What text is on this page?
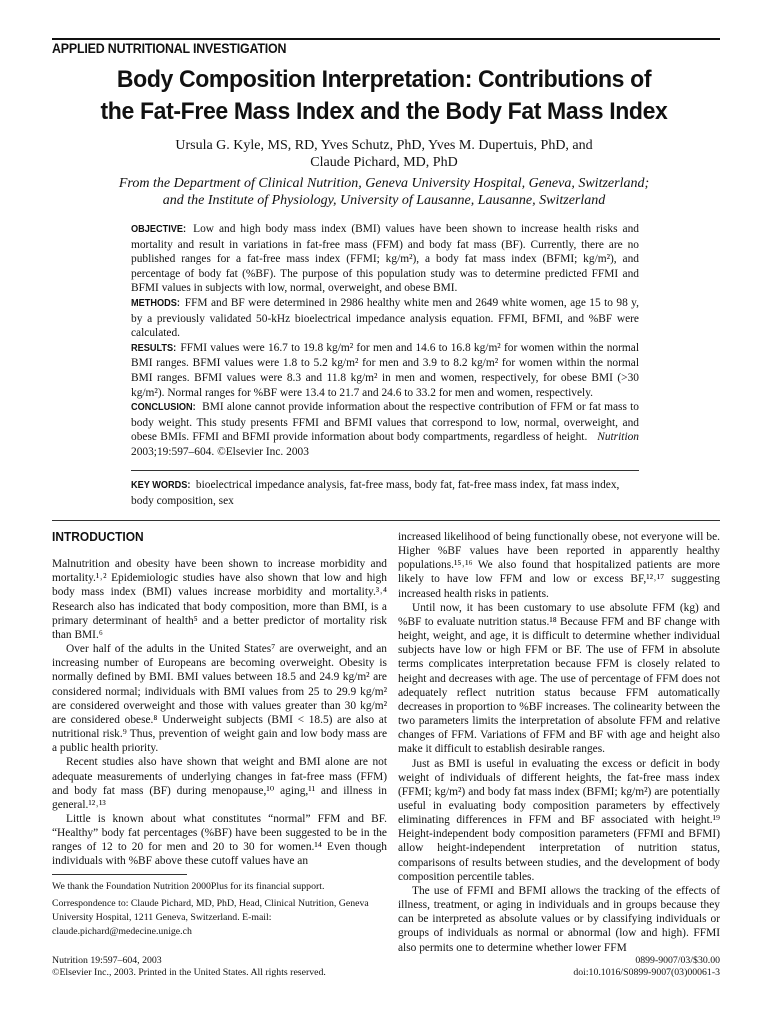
APPLIED NUTRITIONAL INVESTIGATION
Body Composition Interpretation: Contributions of
the Fat-Free Mass Index and the Body Fat Mass Index
Ursula G. Kyle, MS, RD, Yves Schutz, PhD, Yves M. Dupertuis, PhD, and
Claude Pichard, MD, PhD
From the Department of Clinical Nutrition, Geneva University Hospital, Geneva, Switzerland;
and the Institute of Physiology, University of Lausanne, Lausanne, Switzerland

OBJECTIVE: Low and high body mass index (BMI) values have been shown to increase health risks and mortality and result in variations in fat-free mass (FFM) and body fat mass (BF). Currently, there are no published ranges for a fat-free mass index (FFMI; kg/m²), a body fat mass index (BFMI; kg/m²), and percentage of body fat (%BF). The purpose of this population study was to determine predicted FFMI and BFMI values in subjects with low, normal, overweight, and obese BMI.

METHODS: FFM and BF were determined in 2986 healthy white men and 2649 white women, age 15 to 98 y, by a previously validated 50-kHz bioelectrical impedance analysis equation. FFMI, BFMI, and %BF were calculated.

RESULTS: FFMI values were 16.7 to 19.8 kg/m² for men and 14.6 to 16.8 kg/m² for women within the normal BMI ranges. BFMI values were 1.8 to 5.2 kg/m² for men and 3.9 to 8.2 kg/m² for women within the normal BMI ranges. BFMI values were 8.3 and 11.8 kg/m² in men and women, respectively, for obese BMI (>30 kg/m²). Normal ranges for %BF were 13.4 to 21.7 and 24.6 to 33.2 for men and women, respectively.

CONCLUSION: BMI alone cannot provide information about the respective contribution of FFM or fat mass to body weight. This study presents FFMI and BFMI values that correspond to low, normal, overweight, and obese BMIs. FFMI and BFMI provide information about body compartments, regardless of height. Nutrition 2003;19:597–604. ©Elsevier Inc. 2003

KEY WORDS: bioelectrical impedance analysis, fat-free mass, body fat, fat-free mass index, fat mass index, body composition, sex
INTRODUCTION

Malnutrition and obesity have been shown to increase morbidity and mortality.¹˒² Epidemiologic studies have also shown that low and high body mass index (BMI) values increase morbidity and mortality.³˒⁴ Research also has indicated that body composition, more than BMI, is a primary determinant of health⁵ and a better predictor of mortality risk than BMI.⁶

Over half of the adults in the United States⁷ are overweight, and an increasing number of Europeans are becoming overweight. Obesity is normally defined by BMI. BMI values between 18.5 and 24.9 kg/m² are considered normal; individuals with BMI values from 25 to 29.9 kg/m² are considered overweight and those with values greater than 30 kg/m² are considered obese.⁸ Underweight subjects (BMI < 18.5) are also at nutritional risk.⁹ Thus, prevention of weight gain and low body mass are a public health priority.

Recent studies also have shown that weight and BMI alone are not adequate measurements of underlying changes in fat-free mass (FFM) and body fat mass (BF) during menopause,¹⁰ aging,¹¹ and illness in general.¹²˒¹³

Little is known about what constitutes “normal” FFM and BF. “Healthy” body fat percentages (%BF) have been suggested to be in the ranges of 12 to 20 for men and 20 to 30 for women.¹⁴ Even though individuals with %BF above these cutoff values have an

increased likelihood of being functionally obese, not everyone will be. Higher %BF values have been reported in apparently healthy populations.¹⁵˒¹⁶ We also found that hospitalized patients are more likely to have low FFM and low or excess BF,¹²˒¹⁷ suggesting increased health risks in patients.

Until now, it has been customary to use absolute FFM (kg) and %BF to evaluate nutrition status.¹⁸ Because FFM and BF change with height, weight, and age, it is difficult to determine whether individual subjects have low or high FFM or BF. The use of FFM in absolute terms complicates interpretation because FFM is closely related to height and decreases with age. The use of percentage of FFM does not adequately reflect nutrition status because FFM automatically decreases in proportion to %BF increases. The colinearity between the two parameters limits the interpretation of absolute FFM and relative changes of FFM. Variations of FFM and BF with age and height also make it difficult to establish desirable ranges.

Just as BMI is useful in evaluating the excess or deficit in body weight of individuals of different heights, the fat-free mass index (FFMI; kg/m²) and body fat mass index (BFMI; kg/m²) are potentially useful in evaluating body composition parameters by effectively eliminating differences in FFM and BF associated with height.¹⁹ Height-independent body composition parameters (FFMI and BFMI) allow height-independent interpretation of nutrition status, comparisons of results between studies, and the development of body composition percentile tables.

The use of FFMI and BFMI allows the tracking of the effects of illness, treatment, or aging in individuals and in groups because they can be interpreted as absolute values or by classifying individuals or groups of individuals as normal or abnormal (low and high). FFMI also permits one to determine whether lower FFM

We thank the Foundation Nutrition 2000Plus for its financial support.
Correspondence to: Claude Pichard, MD, PhD, Head, Clinical Nutrition, Geneva University Hospital, 1211 Geneva, Switzerland. E-mail: claude.pichard@medecine.unige.ch
Nutrition 19:597–604, 2003
©Elsevier Inc., 2003. Printed in the United States. All rights reserved.
0899-9007/03/$30.00
doi:10.1016/S0899-9007(03)00061-3
